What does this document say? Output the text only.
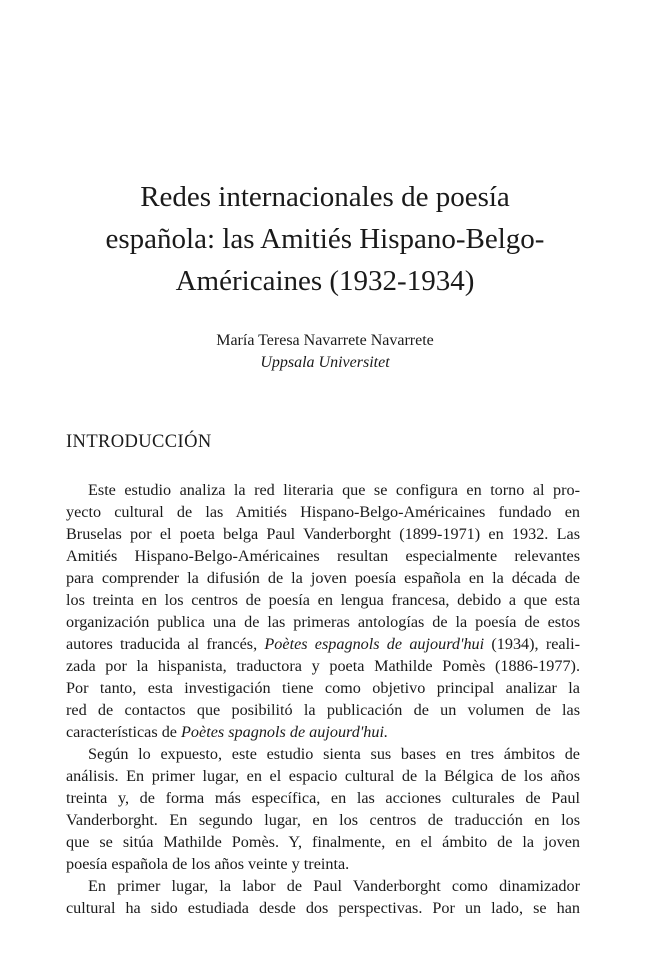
Redes internacionales de poesía
española: las Amitiés Hispano-Belgo-
Américaines (1932-1934)
María Teresa Navarrete Navarrete
Uppsala Universitet
INTRODUCCIÓN
Este estudio analiza la red literaria que se configura en torno al pro-
yecto cultural de las Amitiés Hispano-Belgo-Américaines fundado en
Bruselas por el poeta belga Paul Vanderborght (1899-1971) en 1932. Las
Amitiés Hispano-Belgo-Américaines resultan especialmente relevantes
para comprender la difusión de la joven poesía española en la década de
los treinta en los centros de poesía en lengua francesa, debido a que esta
organización publica una de las primeras antologías de la poesía de estos
autores traducida al francés, Poètes espagnols de aujourd'hui (1934), reali-
zada por la hispanista, traductora y poeta Mathilde Pomès (1886-1977).
Por tanto, esta investigación tiene como objetivo principal analizar la
red de contactos que posibilitó la publicación de un volumen de las
características de Poètes spagnols de aujourd'hui.
Según lo expuesto, este estudio sienta sus bases en tres ámbitos de
análisis. En primer lugar, en el espacio cultural de la Bélgica de los años
treinta y, de forma más específica, en las acciones culturales de Paul
Vanderborght. En segundo lugar, en los centros de traducción en los
que se sitúa Mathilde Pomès. Y, finalmente, en el ámbito de la joven
poesía española de los años veinte y treinta.
En primer lugar, la labor de Paul Vanderborght como dinamizador
cultural ha sido estudiada desde dos perspectivas. Por un lado, se han
